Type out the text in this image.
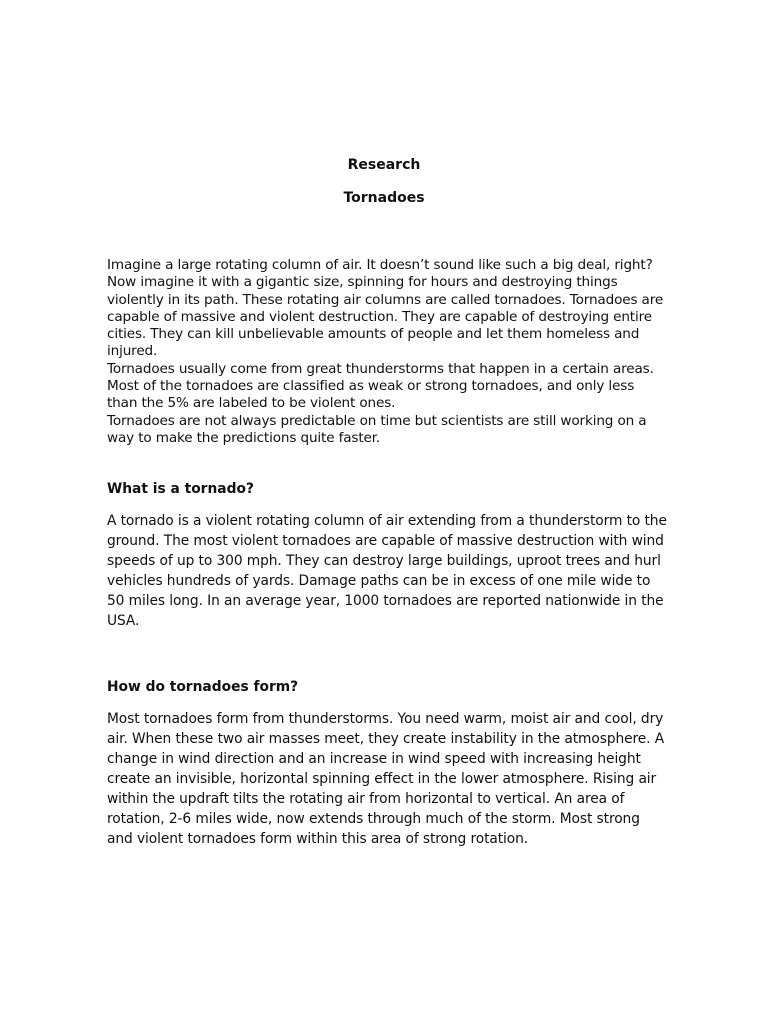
Research
Tornadoes

Imagine a large rotating column of air. It doesn’t sound like such a big deal, right? Now imagine it with a gigantic size, spinning for hours and destroying things violently in its path. These rotating air columns are called tornadoes. Tornadoes are capable of massive and violent destruction. They are capable of destroying entire cities. They can kill unbelievable amounts of people and let them homeless and injured.

Tornadoes usually come from great thunderstorms that happen in a certain areas. Most of the tornadoes are classified as weak or strong tornadoes, and only less than the 5% are labeled to be violent ones.

Tornadoes are not always predictable on time but scientists are still working on a way to make the predictions quite faster.

What is a tornado?

A tornado is a violent rotating column of air extending from a thunderstorm to the ground. The most violent tornadoes are capable of massive destruction with wind speeds of up to 300 mph. They can destroy large buildings, uproot trees and hurl vehicles hundreds of yards. Damage paths can be in excess of one mile wide to 50 miles long. In an average year, 1000 tornadoes are reported nationwide in the USA.

How do tornadoes form?

Most tornadoes form from thunderstorms. You need warm, moist air and cool, dry air. When these two air masses meet, they create instability in the atmosphere. A change in wind direction and an increase in wind speed with increasing height create an invisible, horizontal spinning effect in the lower atmosphere. Rising air within the updraft tilts the rotating air from horizontal to vertical. An area of rotation, 2-6 miles wide, now extends through much of the storm. Most strong and violent tornadoes form within this area of strong rotation.
